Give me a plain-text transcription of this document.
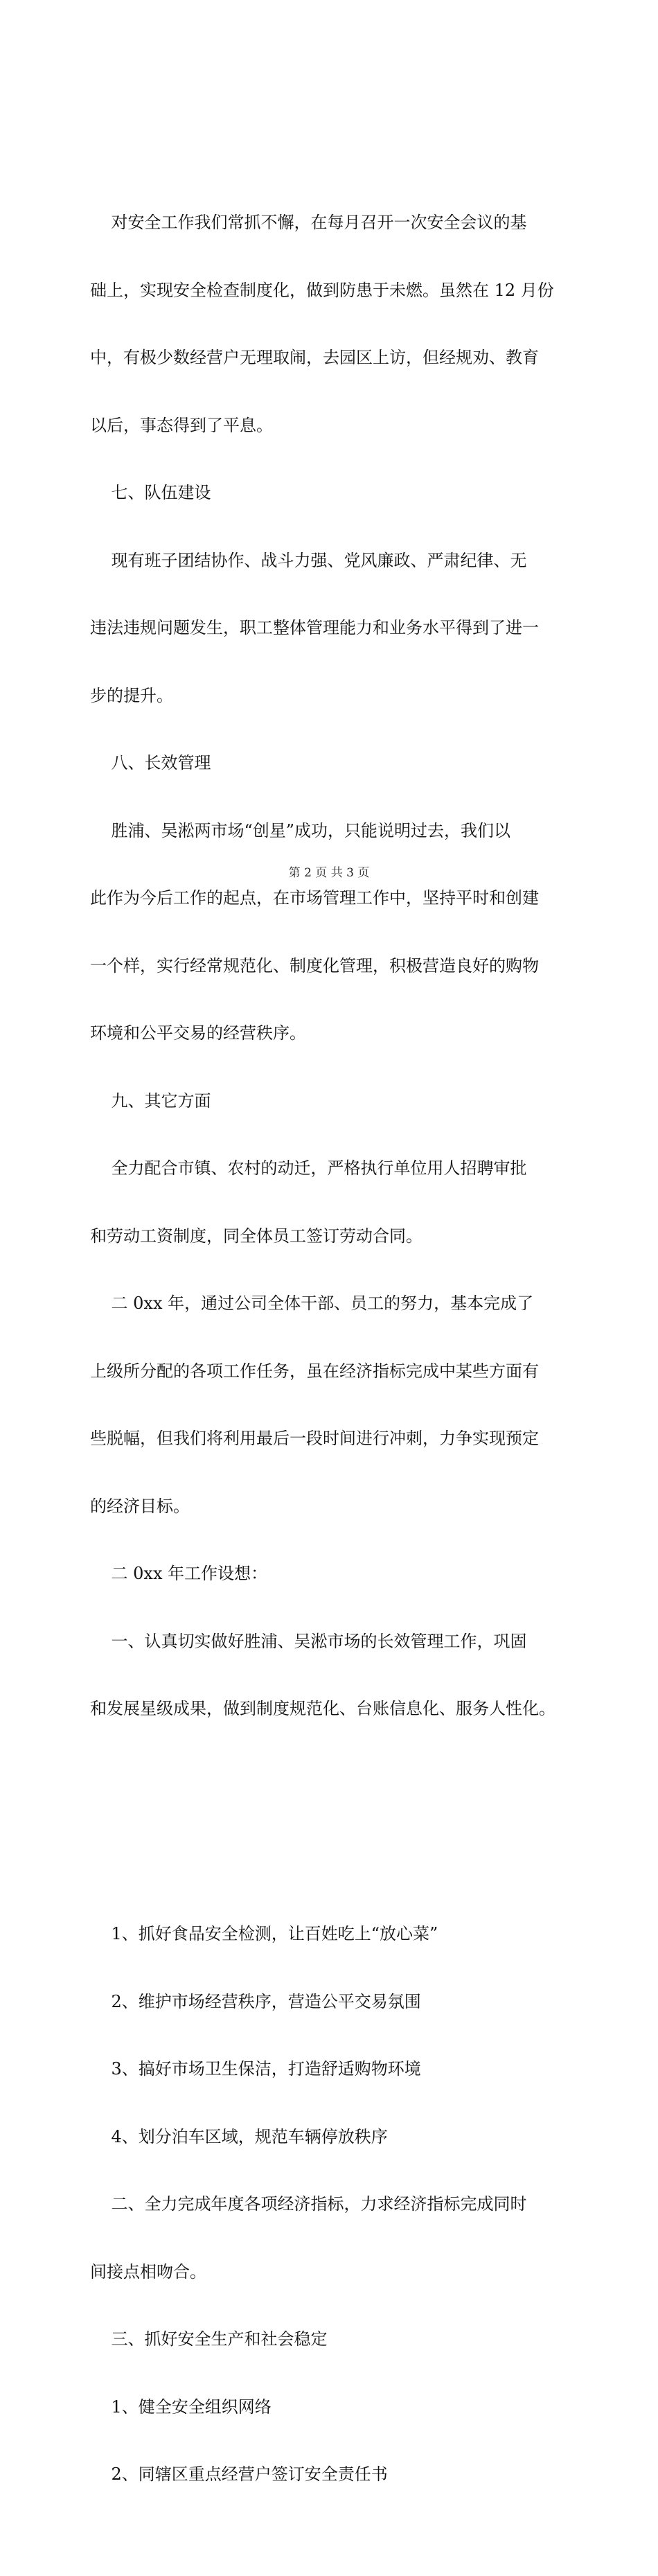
对安全工作我们常抓不懈，在每月召开一次安全会议的基

础上，实现安全检查制度化，做到防患于未燃。虽然在 12 月份

中，有极少数经营户无理取闹，去园区上访，但经规劝、教育

以后，事态得到了平息。

七、队伍建设

现有班子团结协作、战斗力强、党风廉政、严肃纪律、无

违法违规问题发生，职工整体管理能力和业务水平得到了进一

步的提升。

八、长效管理

胜浦、吴淞两市场“创星”成功，只能说明过去，我们以

此作为今后工作的起点，在市场管理工作中，坚持平时和创建

一个样，实行经常规范化、制度化管理，积极营造良好的购物

环境和公平交易的经营秩序。

九、其它方面

全力配合市镇、农村的动迁，严格执行单位用人招聘审批

和劳动工资制度，同全体员工签订劳动合同。

二 0xx 年，通过公司全体干部、员工的努力，基本完成了

上级所分配的各项工作任务，虽在经济指标完成中某些方面有

些脱幅，但我们将利用最后一段时间进行冲刺，力争实现预定

的经济目标。

二 0xx 年工作设想：

一、认真切实做好胜浦、吴淞市场的长效管理工作，巩固

和发展星级成果，做到制度规范化、台账信息化、服务人性化。

1、抓好食品安全检测，让百姓吃上“放心菜”

2、维护市场经营秩序，营造公平交易氛围

3、搞好市场卫生保洁，打造舒适购物环境

4、划分泊车区域，规范车辆停放秩序

二、全力完成年度各项经济指标，力求经济指标完成同时

间接点相吻合。

三、抓好安全生产和社会稳定

1、健全安全组织网络

2、同辖区重点经营户签订安全责任书

第 2 页 共 3 页
